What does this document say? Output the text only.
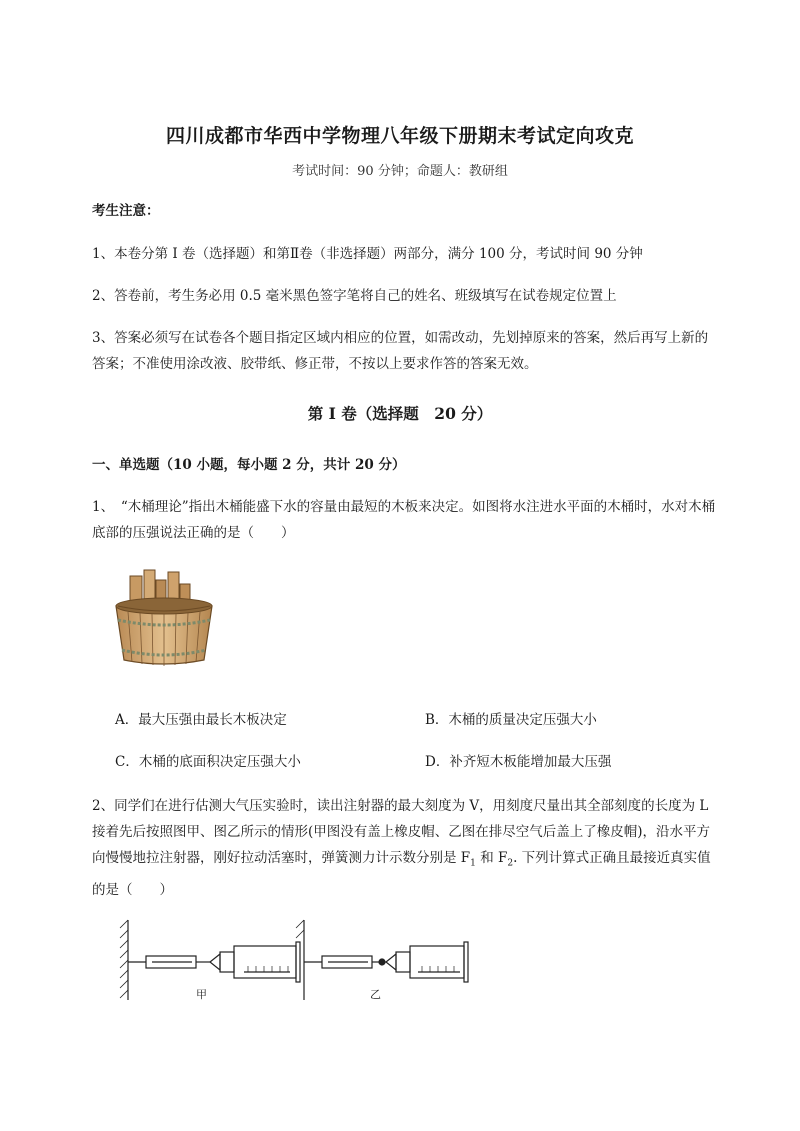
四川成都市华西中学物理八年级下册期末考试定向攻克
考试时间：90 分钟；命题人：教研组
考生注意：
1、本卷分第 I 卷（选择题）和第Ⅱ卷（非选择题）两部分，满分 100 分，考试时间 90 分钟
2、答卷前，考生务必用 0.5 毫米黑色签字笔将自己的姓名、班级填写在试卷规定位置上
3、答案必须写在试卷各个题目指定区域内相应的位置，如需改动，先划掉原来的答案，然后再写上新的答案；不准使用涂改液、胶带纸、修正带，不按以上要求作答的答案无效。
第 I 卷（选择题　20 分）
一、单选题（10 小题，每小题 2 分，共计 20 分）
1、　“木桶理论”指出木桶能盛下水的容量由最短的木板来决定。如图将水注进水平面的木桶时，水对木桶底部的压强说法正确的是（　　）
A．最大压强由最长木板决定	B．木桶的质量决定压强大小
C．木桶的底面积决定压强大小	D．补齐短木板能增加最大压强
2、同学们在进行估测大气压实验时，读出注射器的最大刻度为 V，用刻度尺量出其全部刻度的长度为 L 接着先后按照图甲、图乙所示的情形(甲图没有盖上橡皮帽、乙图在排尽空气后盖上了橡皮帽)，沿水平方向慢慢地拉注射器，刚好拉动活塞时，弹簧测力计示数分别是 $F_1$ 和 $F_2$. 下列计算式正确且最接近真实值的是（　　）
甲	乙
